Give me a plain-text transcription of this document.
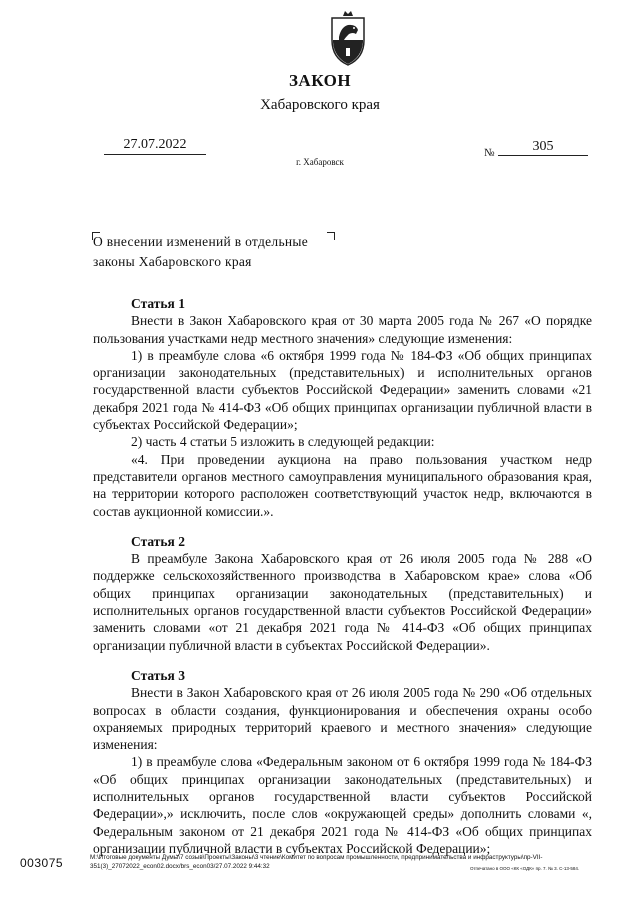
ЗАКОН
Хабаровского края
27.07.2022
№	305
г. Хабаровск
О внесении изменений в отдельные
законы Хабаровского края

Статья 1

Внести в Закон Хабаровского края от 30 марта 2005 года № 267 «О порядке пользования участками недр местного значения» следующие изменения:

1) в преамбуле слова «6 октября 1999 года № 184-ФЗ «Об общих принципах организации законодательных (представительных) и исполнительных органов государственной власти субъектов Российской Федерации» заменить словами «21 декабря 2021 года № 414-ФЗ «Об общих принципах организации публичной власти в субъектах Российской Федерации»;

2) часть 4 статьи 5 изложить в следующей редакции:

«4. При проведении аукциона на право пользования участком недр представители органов местного самоуправления муниципального образования края, на территории которого расположен соответствующий участок недр, включаются в состав аукционной комиссии.».

Статья 2

В преамбуле Закона Хабаровского края от 26 июля 2005 года № 288 «О поддержке сельскохозяйственного производства в Хабаровском крае» слова «Об общих принципах организации законодательных (представительных) и исполнительных органов государственной власти субъектов Российской Федерации» заменить словами «от 21 декабря 2021 года № 414-ФЗ «Об общих принципах организации публичной власти в субъектах Российской Федерации».

Статья 3

Внести в Закон Хабаровского края от 26 июля 2005 года № 290 «Об отдельных вопросах в области создания, функционирования и обеспечения охраны особо охраняемых природных территорий краевого и местного значения» следующие изменения:

1) в преамбуле слова «Федеральным законом от 6 октября 1999 года № 184-ФЗ «Об общих принципах организации законодательных (представительных) и исполнительных органов государственной власти субъектов Российской Федерации»,» исключить, после слов «окружающей среды» дополнить словами «, Федеральным законом от 21 декабря 2021 года № 414-ФЗ «Об общих принципах организации публичной власти в субъектах Российской Федерации»;

003075	M:\Итоговые документы Думы\7 созыв\Проекты\Законы\3 чтение\Комитет по вопросам промышленности, предпринимательства и инфраструктуры\пр-VII-351(3)_27072022_econ02.docx/brs_econ03/27.07.2022 9:44:32	Отпечатано в ООО «КК «ОДК» пр. 7. № 3. С-13-584.
